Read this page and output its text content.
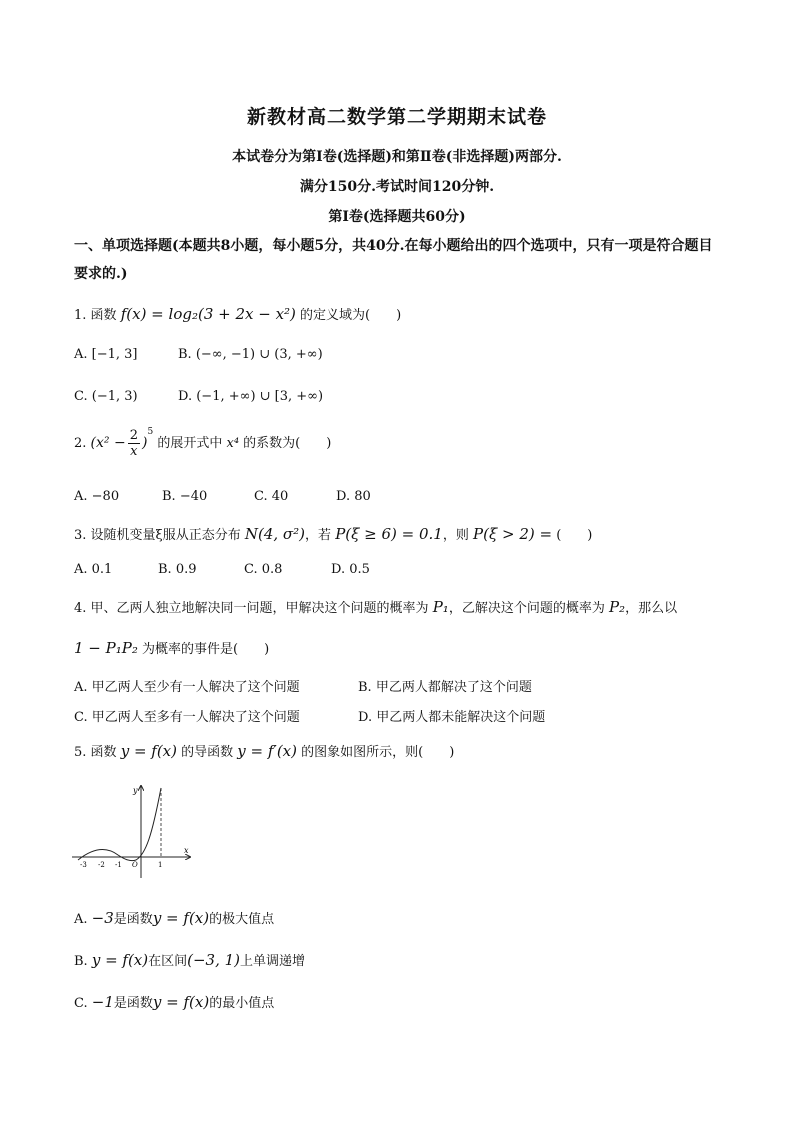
新教材高二数学第二学期期末试卷
本试卷分为第Ⅰ卷(选择题)和第Ⅱ卷(非选择题)两部分.
满分150分.考试时间120分钟.
第Ⅰ卷(选择题共60分)
一、单项选择题(本题共8小题，每小题5分，共40分.在每小题给出的四个选项中，只有一项是符合题目要求的.)
1. 函数 f(x) = log₂(3 + 2x − x²) 的定义域为(　　)
A. [−1, 3]	B. (−∞, −1) ∪ (3, +∞)
C. (−1, 3)	D. (−1, +∞) ∪ [3, +∞)
2. $(x^2 - \frac{2}{x} )^5$ 的展开式中 x⁴ 的系数为(　　)
A. −80	B. −40	C. 40	D. 80
3. 设随机变量ξ服从正态分布 N(4, σ²)，若 P(ξ ≥ 6) = 0.1，则 P(ξ > 2) = (　　)
A. 0.1	B. 0.9	C. 0.8	D. 0.5
4. 甲、乙两人独立地解决同一问题，甲解决这个问题的概率为 P₁，乙解决这个问题的概率为 P₂，那么以
1 − P₁P₂ 为概率的事件是(　　)
A. 甲乙两人至少有一人解决了这个问题	B. 甲乙两人都解决了这个问题
C. 甲乙两人至多有一人解决了这个问题	D. 甲乙两人都未能解决这个问题
5. 函数 y = f(x) 的导函数 y = f′(x) 的图象如图所示，则(　　)
y
x
-3 -2 -1 O	1
A. −3是函数y = f(x)的极大值点
B. y = f(x)在区间(−3, 1)上单调递增
C. −1是函数y = f(x)的最小值点
